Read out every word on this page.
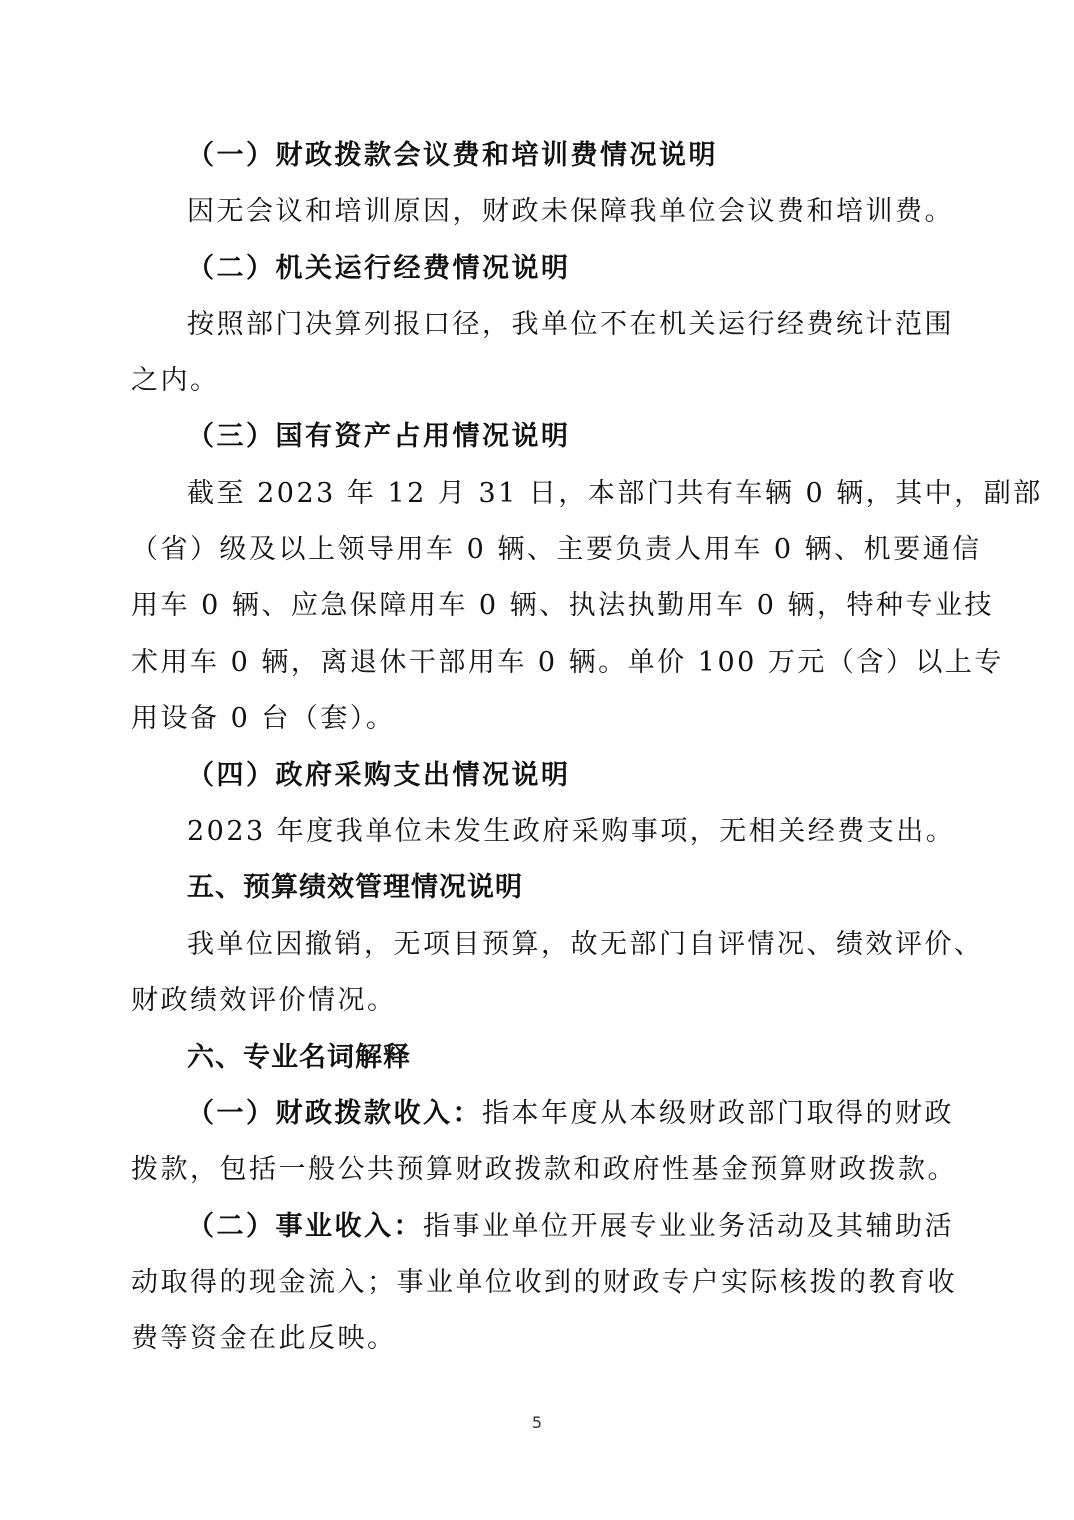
（一）财政拨款会议费和培训费情况说明
因无会议和培训原因，财政未保障我单位会议费和培训费。
（二）机关运行经费情况说明
按照部门决算列报口径，我单位不在机关运行经费统计范围
之内。
（三）国有资产占用情况说明
截至 2023 年 12 月 31 日，本部门共有车辆 0 辆，其中，副部
（省）级及以上领导用车 0 辆、主要负责人用车 0 辆、机要通信
用车 0 辆、应急保障用车 0 辆、执法执勤用车 0 辆，特种专业技
术用车 0 辆，离退休干部用车 0 辆。单价 100 万元（含）以上专
用设备 0 台（套）。
（四）政府采购支出情况说明
2023 年度我单位未发生政府采购事项，无相关经费支出。
五、预算绩效管理情况说明
我单位因撤销，无项目预算，故无部门自评情况、绩效评价、
财政绩效评价情况。
六、专业名词解释
（一）财政拨款收入：指本年度从本级财政部门取得的财政
拨款，包括一般公共预算财政拨款和政府性基金预算财政拨款。
（二）事业收入：指事业单位开展专业业务活动及其辅助活
动取得的现金流入；事业单位收到的财政专户实际核拨的教育收
费等资金在此反映。
5
